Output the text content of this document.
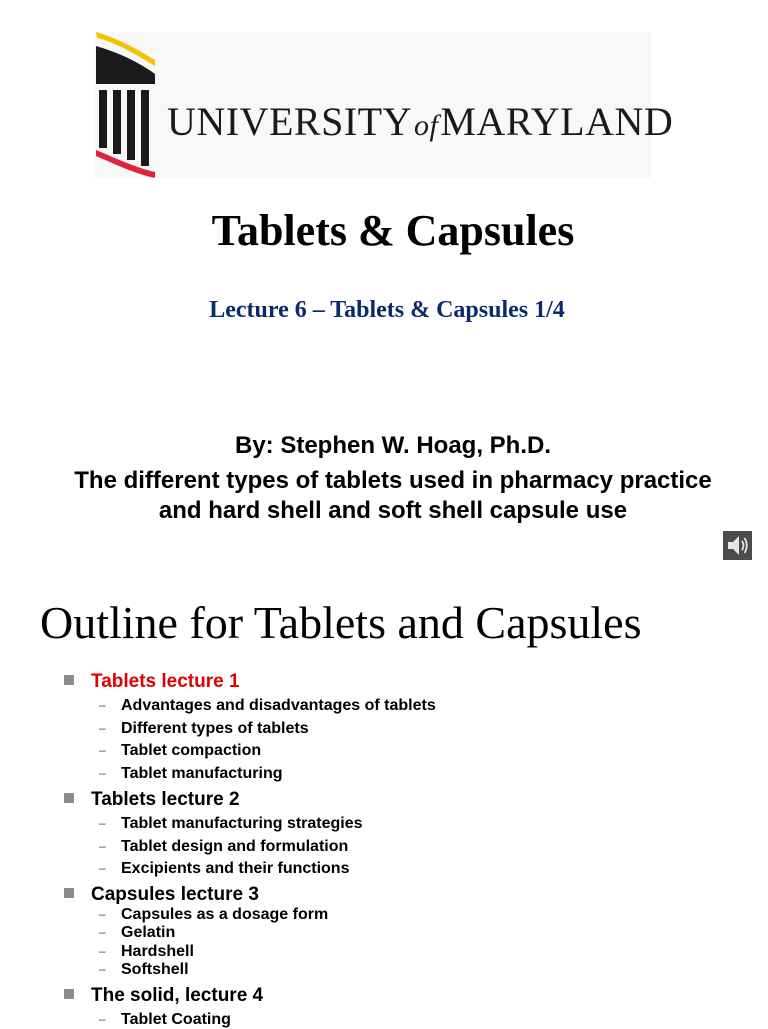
UNIVERSITYofMARYLAND
Tablets & Capsules
Lecture 6 – Tablets & Capsules 1/4
By: Stephen W. Hoag, Ph.D.
The different types of tablets used in pharmacy practice
and hard shell and soft shell capsule use
Outline for Tablets and Capsules
Tablets lecture 1
– Advantages and disadvantages of tablets
– Different types of tablets
– Tablet compaction
– Tablet manufacturing
Tablets lecture 2
– Tablet manufacturing strategies
– Tablet design and formulation
– Excipients and their functions
Capsules lecture 3
– Capsules as a dosage form
– Gelatin
– Hardshell
– Softshell
The solid, lecture 4
– Tablet Coating
